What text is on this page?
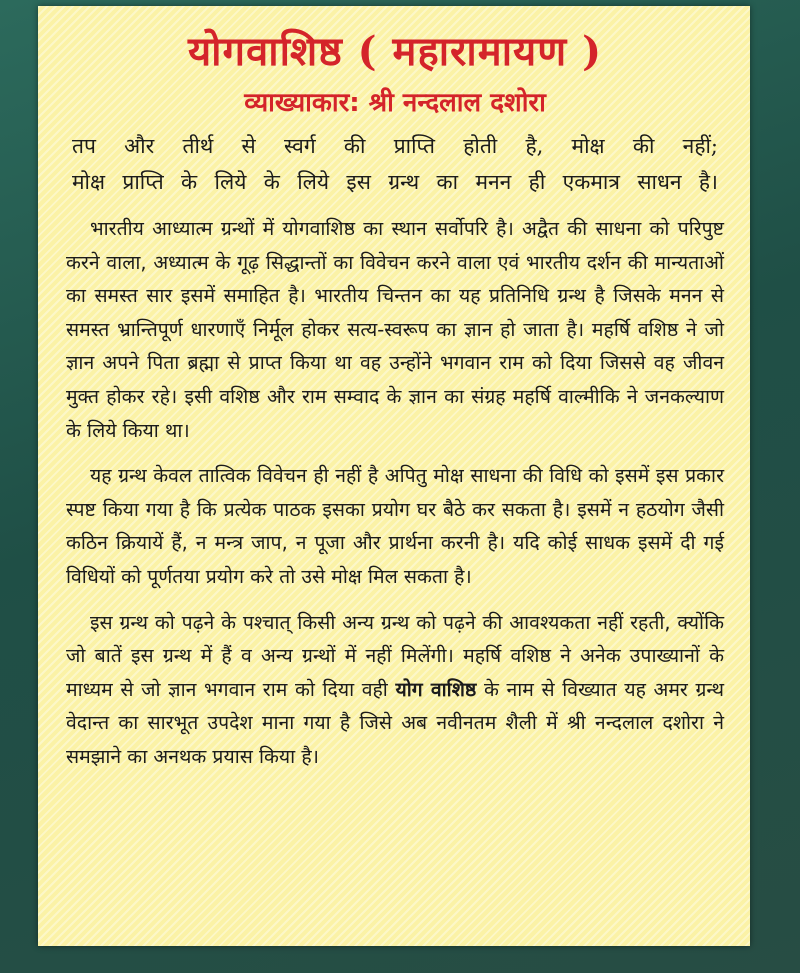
योगवाशिष्ठ ( महारामायण )
व्याख्याकार: श्री नन्दलाल दशोरा
तप और तीर्थ से स्वर्ग की प्राप्ति होती है, मोक्ष की नहीं;
मोक्ष प्राप्ति के लिये के लिये इस ग्रन्थ का मनन ही एकमात्र साधन है।

भारतीय आध्यात्म ग्रन्थों में योगवाशिष्ठ का स्थान सर्वोपरि है। अद्वैत की साधना को परिपुष्ट करने वाला, अध्यात्म के गूढ़ सिद्धान्तों का विवेचन करने वाला एवं भारतीय दर्शन की मान्यताओं का समस्त सार इसमें समाहित है। भारतीय चिन्तन का यह प्रतिनिधि ग्रन्थ है जिसके मनन से समस्त भ्रान्तिपूर्ण धारणाएँ निर्मूल होकर सत्य-स्वरूप का ज्ञान हो जाता है। महर्षि वशिष्ठ ने जो ज्ञान अपने पिता ब्रह्मा से प्राप्त किया था वह उन्होंने भगवान राम को दिया जिससे वह जीवन मुक्त होकर रहे। इसी वशिष्ठ और राम सम्वाद के ज्ञान का संग्रह महर्षि वाल्मीकि ने जनकल्याण के लिये किया था।

यह ग्रन्थ केवल तात्विक विवेचन ही नहीं है अपितु मोक्ष साधना की विधि को इसमें इस प्रकार स्पष्ट किया गया है कि प्रत्येक पाठक इसका प्रयोग घर बैठे कर सकता है। इसमें न हठयोग जैसी कठिन क्रियायें हैं, न मन्त्र जाप, न पूजा और प्रार्थना करनी है। यदि कोई साधक इसमें दी गई विधियों को पूर्णतया प्रयोग करे तो उसे मोक्ष मिल सकता है।

इस ग्रन्थ को पढ़ने के पश्चात् किसी अन्य ग्रन्थ को पढ़ने की आवश्यकता नहीं रहती, क्योंकि जो बातें इस ग्रन्थ में हैं व अन्य ग्रन्थों में नहीं मिलेंगी। महर्षि वशिष्ठ ने अनेक उपाख्यानों के माध्यम से जो ज्ञान भगवान राम को दिया वही योग वाशिष्ठ के नाम से विख्यात यह अमर ग्रन्थ वेदान्त का सारभूत उपदेश माना गया है जिसे अब नवीनतम शैली में श्री नन्दलाल दशोरा ने समझाने का अनथक प्रयास किया है।
